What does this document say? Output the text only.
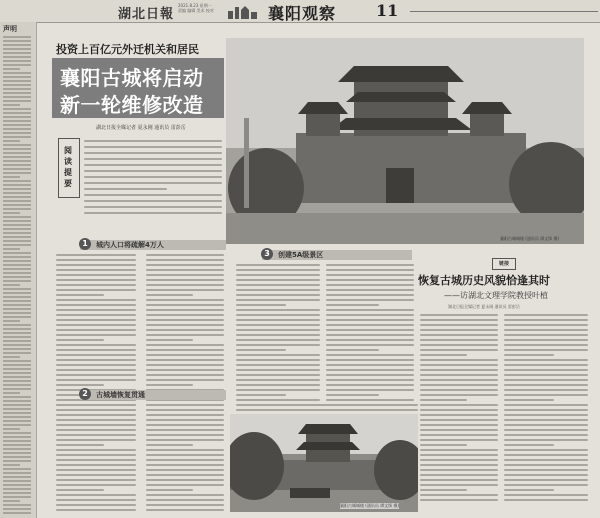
湖北日報
2021.8.23 星期一
责编 编辑 美术 校对	襄阳观察 11
声明
投资上百亿元外迁机关和居民
襄阳古城将启动
新一轮维修改造
湖北日报全媒记者 夏永刚 通讯员 雷彭岳
阅读提要
襄阳古城城楼 (通讯员 谭文锋 摄)
1	城内人口将疏解4万人
2	古城墙恢复贯通
3	创建5A级景区
襄阳古城城楼 (通讯员 谭文锋 摄)
链接
恢复古城历史风貌恰逢其时
——访湖北文理学院教授叶植
湖北日报全媒记者 夏永刚 通讯员 雷彭岳
